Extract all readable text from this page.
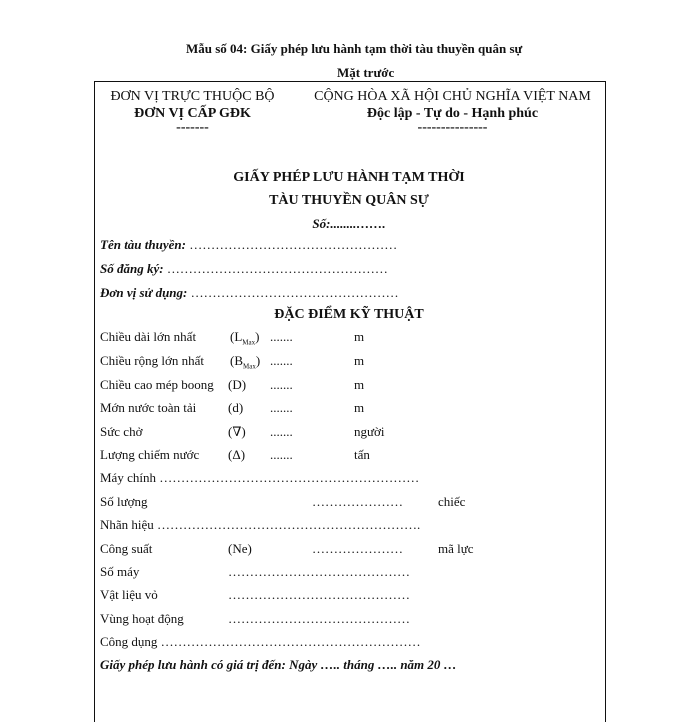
Mẫu số 04: Giấy phép lưu hành tạm thời tàu thuyền quân sự
Mặt trước
ĐƠN VỊ TRỰC THUỘC BỘ
ĐƠN VỊ CẤP GĐK
-------
CỘNG HÒA XÃ HỘI CHỦ NGHĨA VIỆT NAM
Độc lập - Tự do - Hạnh phúc
---------------
GIẤY PHÉP LƯU HÀNH TẠM THỜI
TÀU THUYỀN QUÂN SỰ
Số:........…….
Tên tàu thuyền: …………………………………………
Số đăng ký: ……………………………………………
Đơn vị sử dụng: …………………………………………
ĐẶC ĐIỂM KỸ THUẬT
Chiều dài lớn nhất	$(L_{Max})$ .......	m
Chiều rộng lớn nhất $(B_{Max})$ .......	m
Chiều cao mép boong (D) .......	m
Mớn nước toàn tải (d) .......	m
Sức chở	(∇) .......	người
Lượng chiếm nước (Δ) .......	tấn
Máy chính ……………………………………………………
Số lượng	…………………	chiếc
Nhãn hiệu …………………………………………………….
Công suất	(Ne)	…………………	mã lực
Số máy	……………………………………
Vật liệu vỏ	……………………………………
Vùng hoạt động	……………………………………
Công dụng ……………………………………………………
Giấy phép lưu hành có giá trị đến: Ngày ….. tháng ….. năm 20 …
